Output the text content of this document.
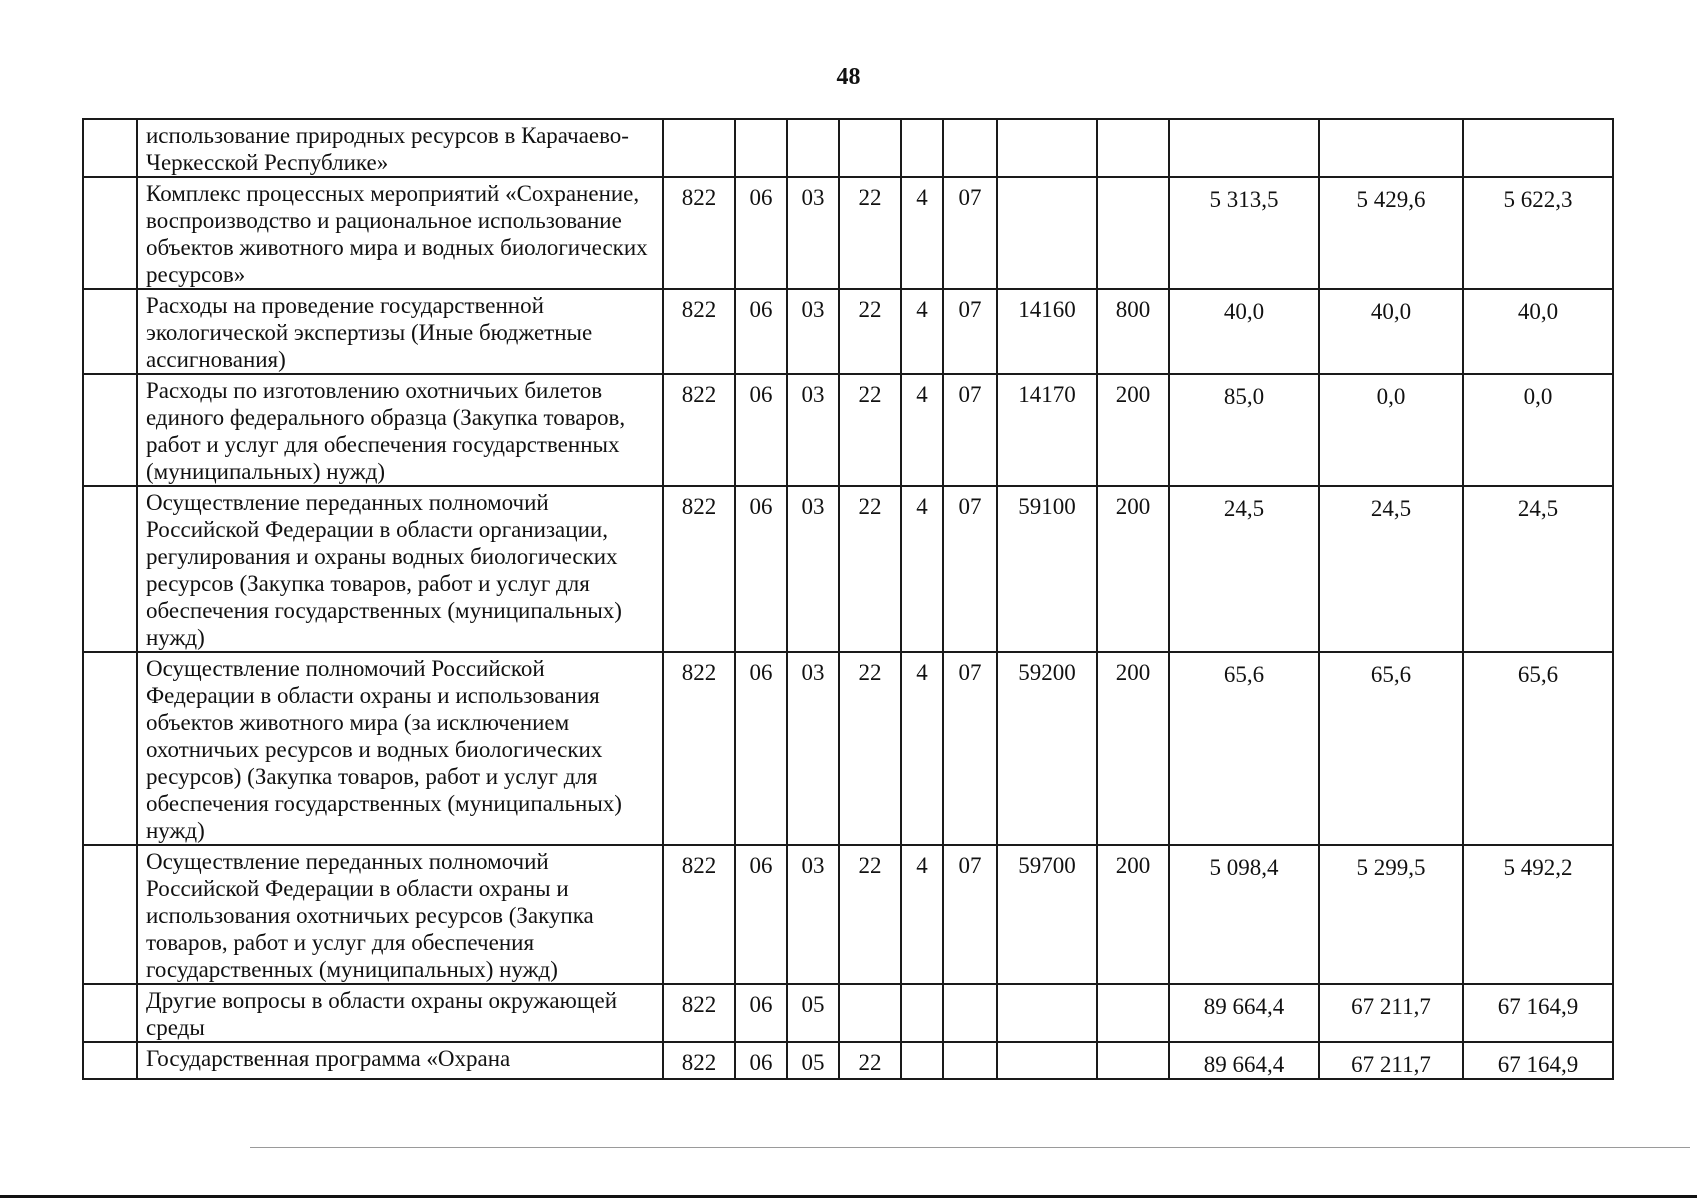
48
	использование природных ресурсов в Карачаево-Черкесской Республике»											
	Комплекс процессных мероприятий «Сохранение, воспроизводство и рациональное использование объектов животного мира и водных биологических ресурсов»	822	06	03	22	4	07			5 313,5	5 429,6	5 622,3
	Расходы на проведение государственной экологической экспертизы (Иные бюджетные ассигнования)	822	06	03	22	4	07	14160	800	40,0	40,0	40,0
	Расходы по изготовлению охотничьих билетов единого федерального образца (Закупка товаров, работ и услуг для обеспечения государственных (муниципальных) нужд)	822	06	03	22	4	07	14170	200	85,0	0,0	0,0
	Осуществление переданных полномочий Российской Федерации в области организации, регулирования и охраны водных биологических ресурсов (Закупка товаров, работ и услуг для обеспечения государственных (муниципальных) нужд)	822	06	03	22	4	07	59100	200	24,5	24,5	24,5
	Осуществление полномочий Российской Федерации в области охраны и использования объектов животного мира (за исключением охотничьих ресурсов и водных биологических ресурсов) (Закупка товаров, работ и услуг для обеспечения государственных (муниципальных) нужд)	822	06	03	22	4	07	59200	200	65,6	65,6	65,6
	Осуществление переданных полномочий Российской Федерации в области охраны и использования охотничьих ресурсов (Закупка товаров, работ и услуг для обеспечения государственных (муниципальных) нужд)	822	06	03	22	4	07	59700	200	5 098,4	5 299,5	5 492,2
	Другие вопросы в области охраны окружающей среды	822	06	05						89 664,4	67 211,7	67 164,9
	Государственная программа «Охрана	822	06	05	22					89 664,4	67 211,7	67 164,9
